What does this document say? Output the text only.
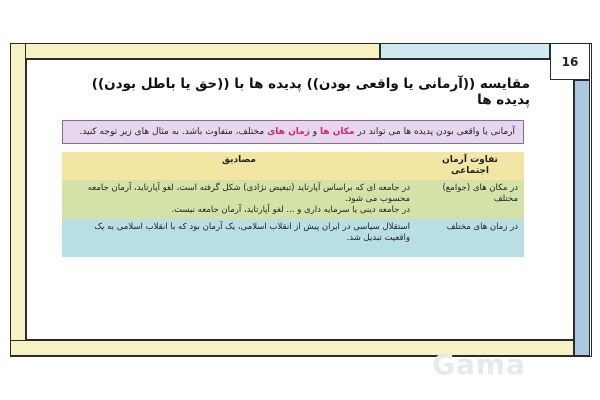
16
مقایسه ((آرمانی یا واقعی بودن)) پدیده ها با ((حق یا باطل بودن)) پدیده ها
آرمانی یا واقعی بودن پدیده ها می تواند در مکان ها و زمان های مختلف، متفاوت باشد. به مثال های زیر توجه کنید.
تفاوت آرمان اجتماعی	مصادیق
در مکان های (جوامع) مختلف	در جامعه ای که براساس آپارتاید (تبعیض نژادی) شکل گرفته است، لغو آپارتاید، آرمان جامعه محسوب می شود.
در جامعه دینی یا سرمایه داری و ... لغو آپارتاید، آرمان جامعه نیست.

در زمان های مختلف	استقلال سیاسی در ایران پیش از انقلاب اسلامی، یک آرمان بود که با انقلاب اسلامی به یک واقعیت تبدیل شد.
Gama
